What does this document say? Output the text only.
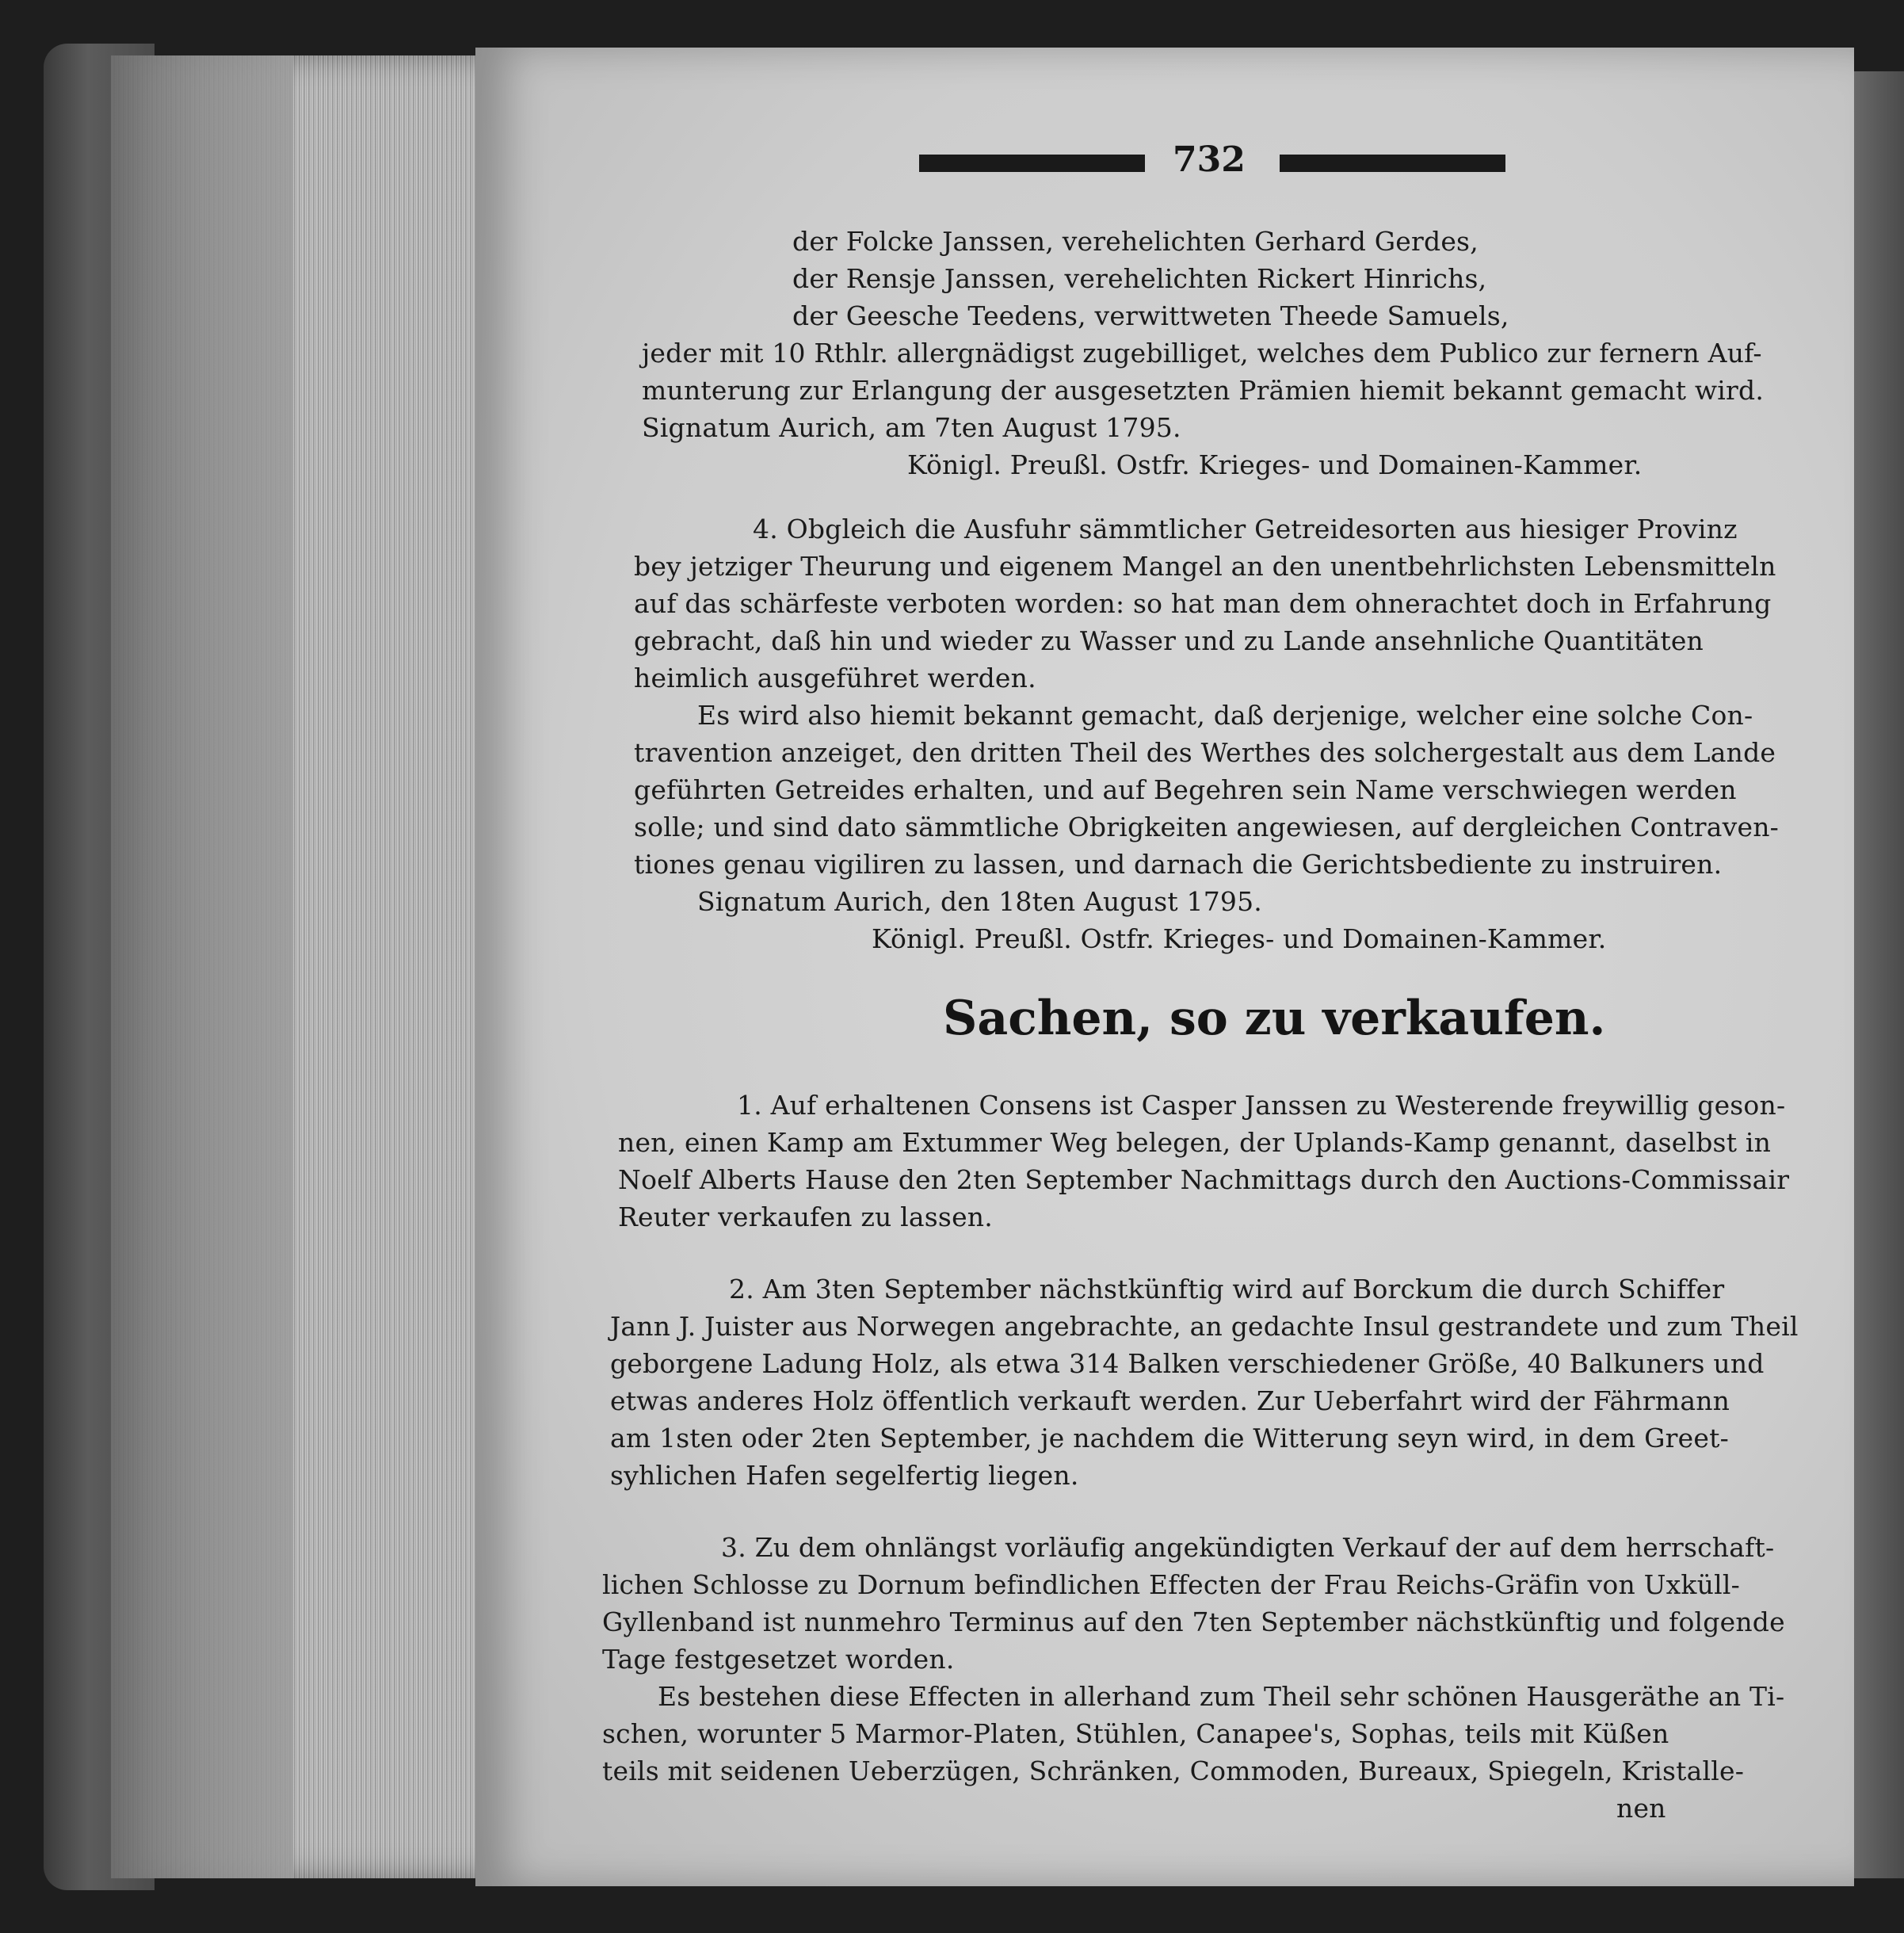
732
der Folcke Janssen, verehelichten Gerhard Gerdes,
der Rensje Janssen, verehelichten Rickert Hinrichs,
der Geesche Teedens, verwittweten Theede Samuels,
jeder mit 10 Rthlr. allergnädigst zugebilliget, welches dem Publico zur fernern Auf-
munterung zur Erlangung der ausgesetzten Prämien hiemit bekannt gemacht wird.
Signatum Aurich, am 7ten August 1795.
Königl. Preußl. Ostfr. Krieges- und Domainen-Kammer.
4. Obgleich die Ausfuhr sämmtlicher Getreidesorten aus hiesiger Provinz
bey jetziger Theurung und eigenem Mangel an den unentbehrlichsten Lebensmitteln
auf das schärfeste verboten worden: so hat man dem ohnerachtet doch in Erfahrung
gebracht, daß hin und wieder zu Wasser und zu Lande ansehnliche Quantitäten
heimlich ausgeführet werden.
Es wird also hiemit bekannt gemacht, daß derjenige, welcher eine solche Con-
travention anzeiget, den dritten Theil des Werthes des solchergestalt aus dem Lande
geführten Getreides erhalten, und auf Begehren sein Name verschwiegen werden
solle; und sind dato sämmtliche Obrigkeiten angewiesen, auf dergleichen Contraven-
tiones genau vigiliren zu lassen, und darnach die Gerichtsbediente zu instruiren.
Signatum Aurich, den 18ten August 1795.
Königl. Preußl. Ostfr. Krieges- und Domainen-Kammer.
Sachen, so zu verkaufen.
1. Auf erhaltenen Consens ist Casper Janssen zu Westerende freywillig geson-
nen, einen Kamp am Extummer Weg belegen, der Uplands-Kamp genannt, daselbst in
Noelf Alberts Hause den 2ten September Nachmittags durch den Auctions-Commissair
Reuter verkaufen zu lassen.
2. Am 3ten September nächstkünftig wird auf Borckum die durch Schiffer
Jann J. Juister aus Norwegen angebrachte, an gedachte Insul gestrandete und zum Theil
geborgene Ladung Holz, als etwa 314 Balken verschiedener Größe, 40 Balkuners und
etwas anderes Holz öffentlich verkauft werden. Zur Ueberfahrt wird der Fährmann
am 1sten oder 2ten September, je nachdem die Witterung seyn wird, in dem Greet-
syhlichen Hafen segelfertig liegen.
3. Zu dem ohnlängst vorläufig angekündigten Verkauf der auf dem herrschaft-
lichen Schlosse zu Dornum befindlichen Effecten der Frau Reichs-Gräfin von Uxküll-
Gyllenband ist nunmehro Terminus auf den 7ten September nächstkünftig und folgende
Tage festgesetzet worden.
Es bestehen diese Effecten in allerhand zum Theil sehr schönen Hausgeräthe an Ti-
schen, worunter 5 Marmor-Platen, Stühlen, Canapee's, Sophas, teils mit Küßen
teils mit seidenen Ueberzügen, Schränken, Commoden, Bureaux, Spiegeln, Kristalle-
nen
